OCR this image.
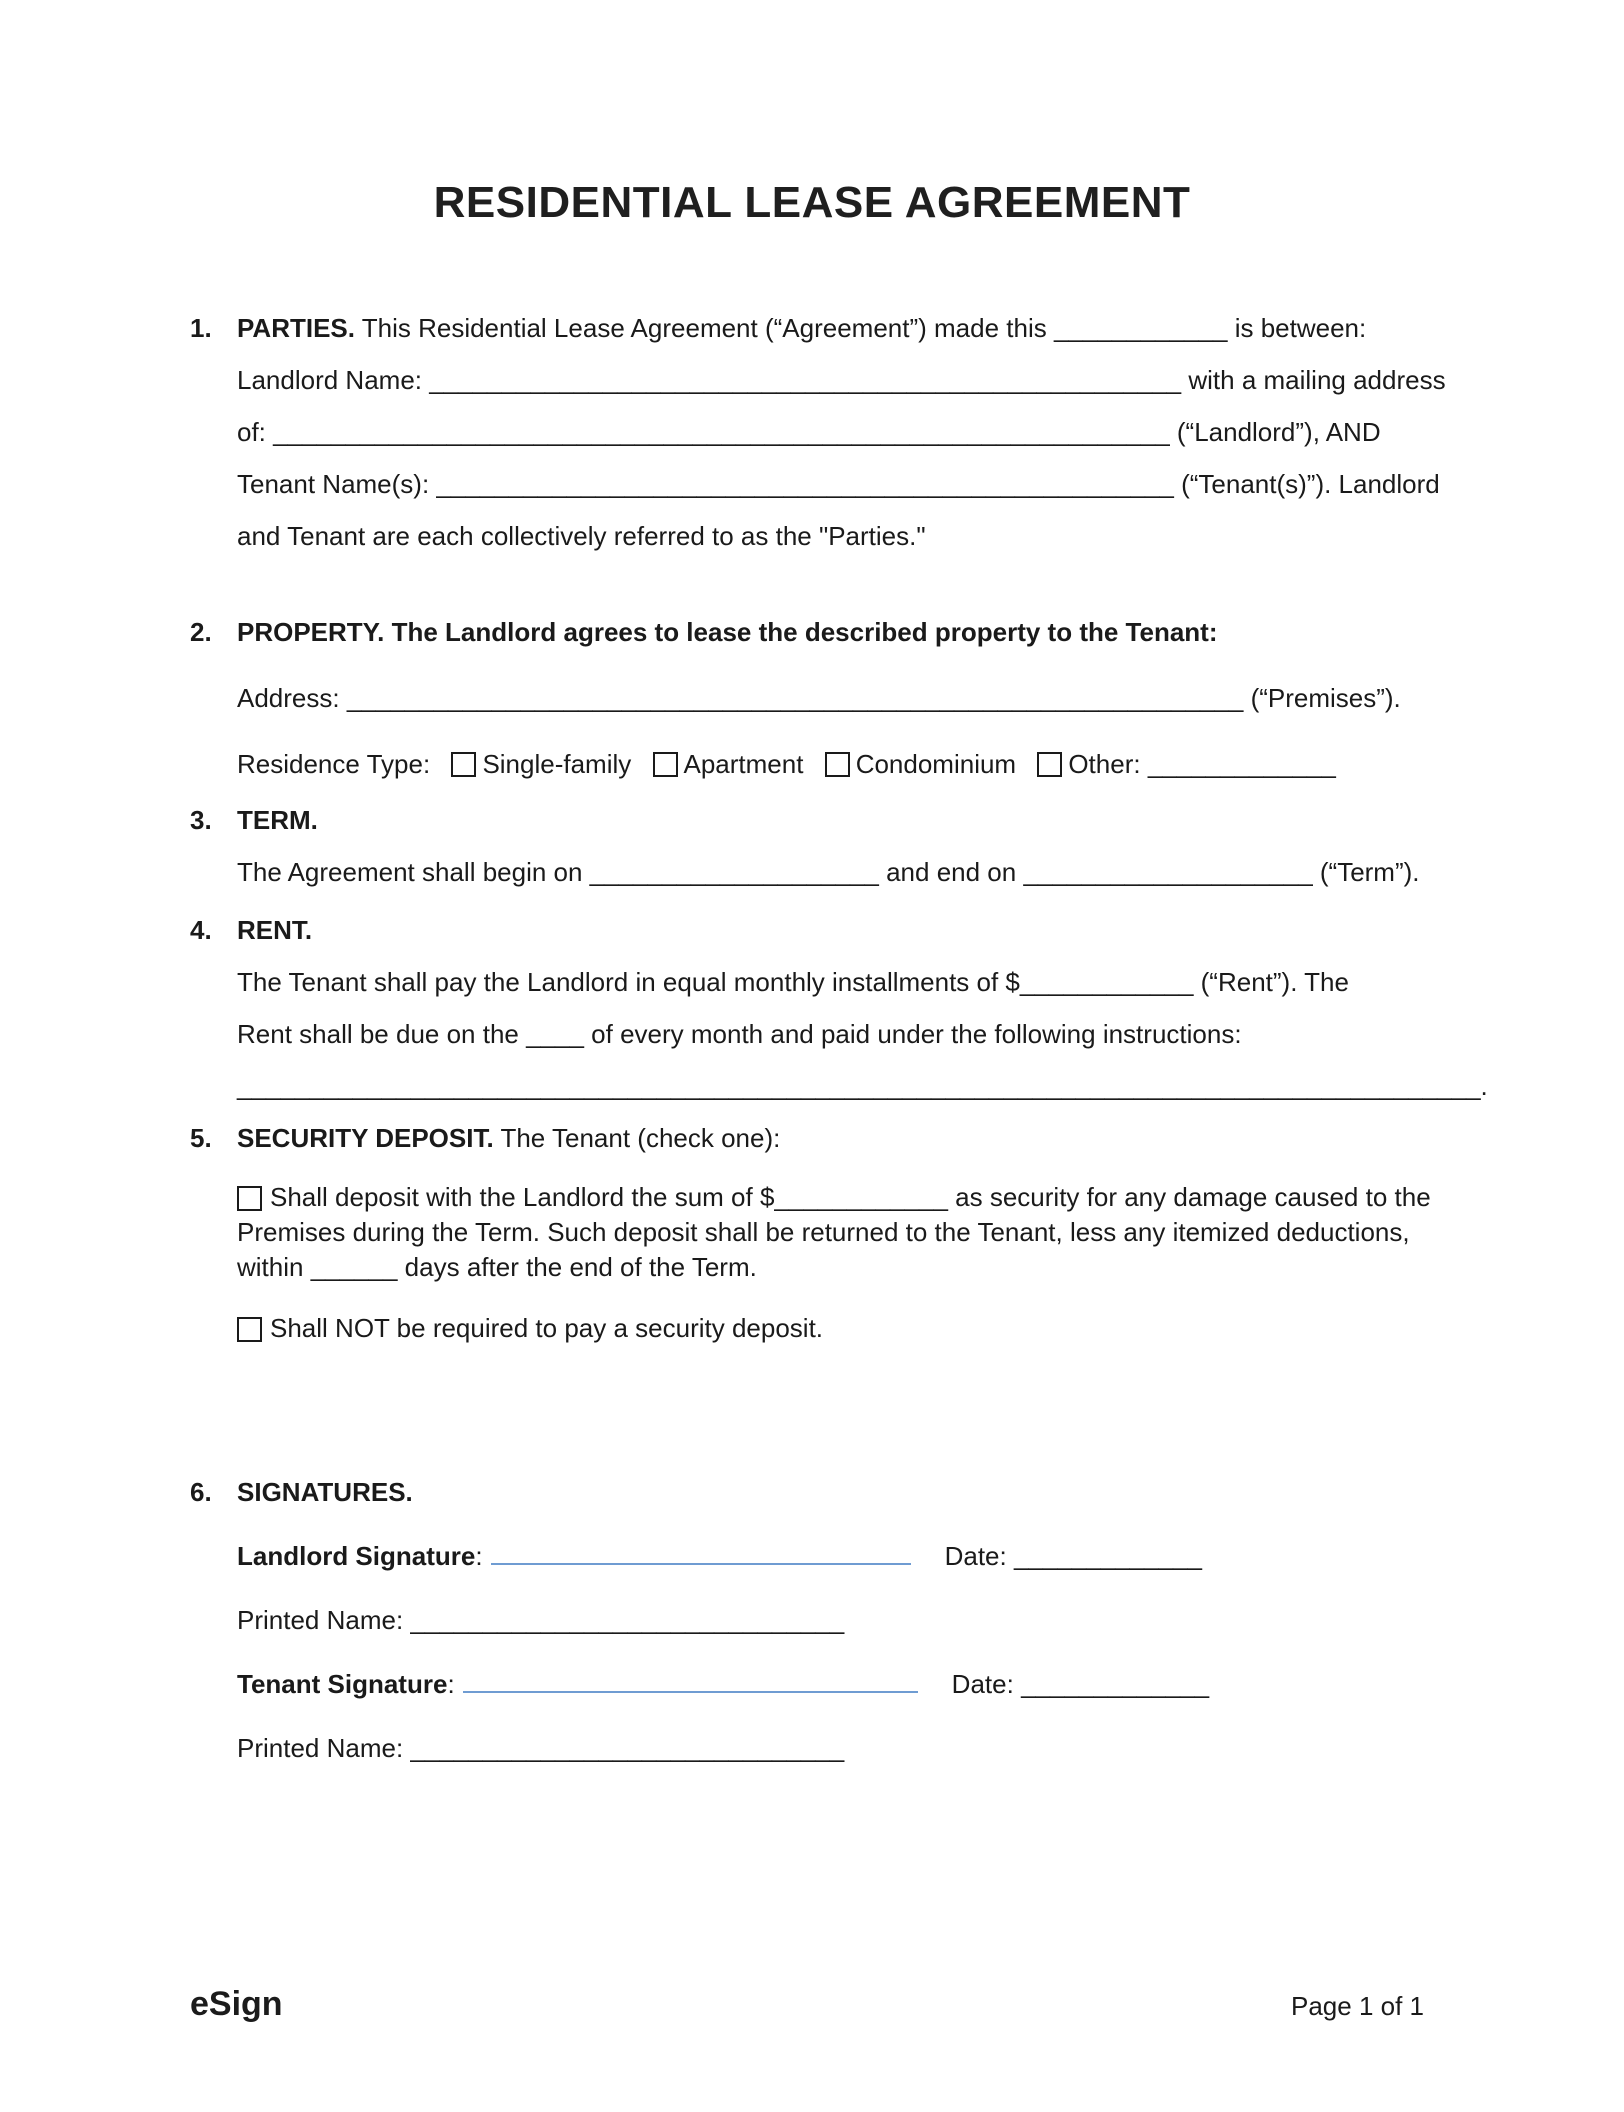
RESIDENTIAL LEASE AGREEMENT
1. PARTIES. This Residential Lease Agreement (“Agreement”) made this ____________ is between:
Landlord Name: ____________________________________________________ with a mailing address
of: ______________________________________________________________ (“Landlord”), AND
Tenant Name(s): ___________________________________________________ (“Tenant(s)”). Landlord
and Tenant are each collectively referred to as the "Parties."
2. PROPERTY. The Landlord agrees to lease the described property to the Tenant:
Address: ______________________________________________________________ (“Premises”).
Residence Type: Single-family Apartment Condominium Other: _____________
3. TERM.
The Agreement shall begin on ____________________ and end on ____________________ (“Term”).
4. RENT.
The Tenant shall pay the Landlord in equal monthly installments of $____________ (“Rent”). The
Rent shall be due on the ____ of every month and paid under the following instructions:
______________________________________________________________________________________.
5. SECURITY DEPOSIT. The Tenant (check one):
Shall deposit with the Landlord the sum of $____________ as security for any damage caused to the Premises during the Term. Such deposit shall be returned to the Tenant, less any itemized deductions, within ______ days after the end of the Term.
Shall NOT be required to pay a security deposit.
6. SIGNATURES.
Landlord Signature:	Date: _____________
Printed Name: ______________________________
Tenant Signature:	Date: _____________
Printed Name: ______________________________
eSign	Page 1 of 1
